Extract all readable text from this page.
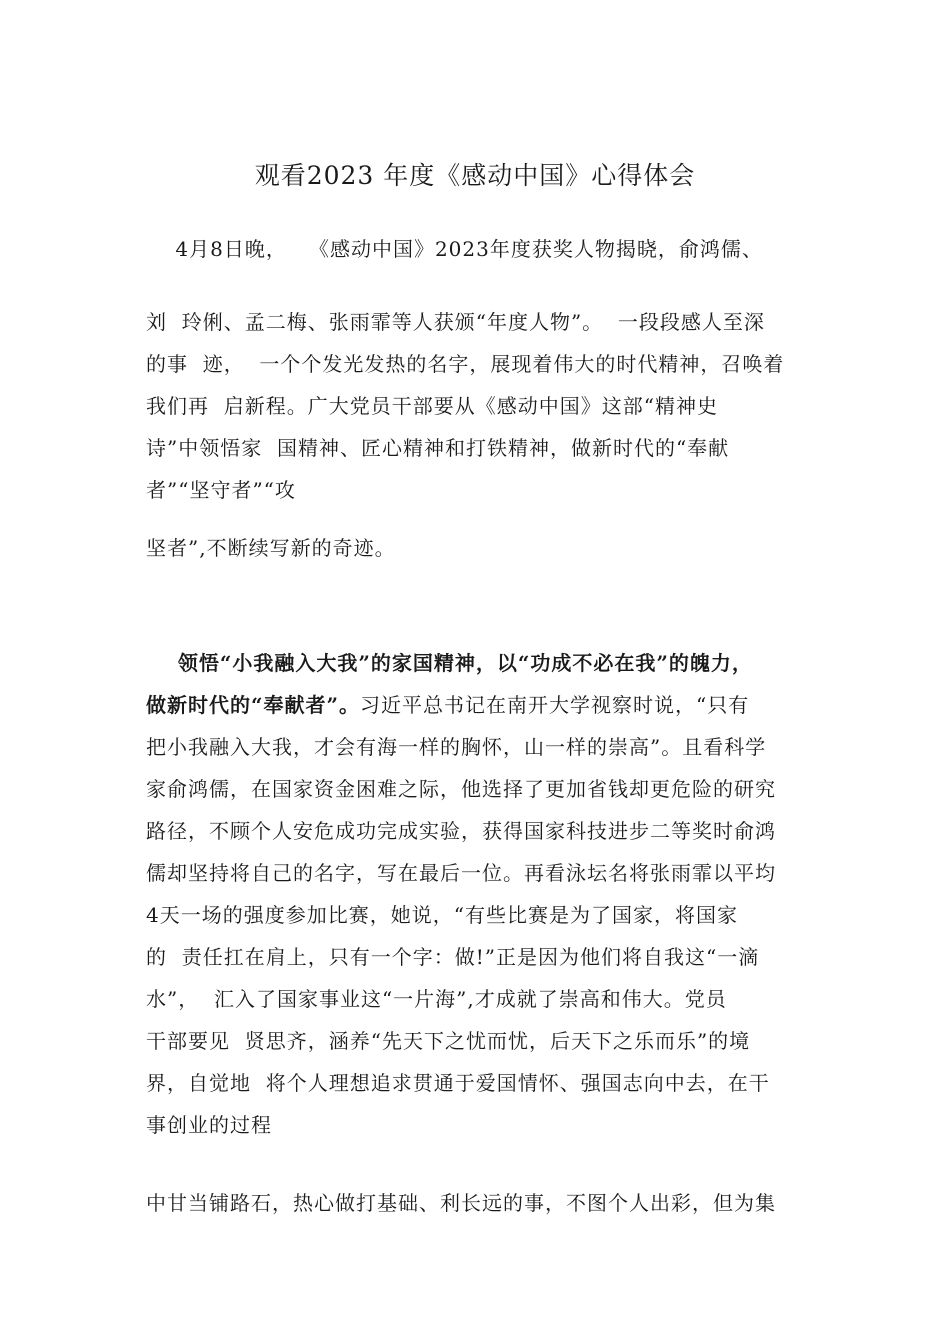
观看2023 年度《感动中国》心得体会
4月8日晚，   《感动中国》2023年度获奖人物揭晓，俞鸿儒、
刘  玲俐、孟二梅、张雨霏等人获颁“年度人物”。  一段段感人至深
的事  迹，  一个个发光发热的名字，展现着伟大的时代精神，召唤着
我们再  启新程。广大党员干部要从《感动中国》这部“精神史
诗”中领悟家  国精神、匠心精神和打铁精神，做新时代的“奉献
者”“坚守者”“攻
坚者”,不断续写新的奇迹。
领悟“小我融入大我”的家国精神，以“功成不必在我”的魄力，
做新时代的“奉献者”。习近平总书记在南开大学视察时说，“只有
把小我融入大我，才会有海一样的胸怀，山一样的崇高”。且看科学
家俞鸿儒，在国家资金困难之际，他选择了更加省钱却更危险的研究
路径，不顾个人安危成功完成实验，获得国家科技进步二等奖时俞鸿
儒却坚持将自己的名字，写在最后一位。再看泳坛名将张雨霏以平均
4天一场的强度参加比赛，她说，“有些比赛是为了国家，将国家
的  责任扛在肩上，只有一个字：做!”正是因为他们将自我这“一滴
水”，  汇入了国家事业这“一片海”,才成就了崇高和伟大。党员
干部要见  贤思齐，涵养“先天下之忧而忧，后天下之乐而乐”的境
界，自觉地  将个人理想追求贯通于爱国情怀、强国志向中去，在干
事创业的过程
中甘当铺路石，热心做打基础、利长远的事，不图个人出彩，但为集
